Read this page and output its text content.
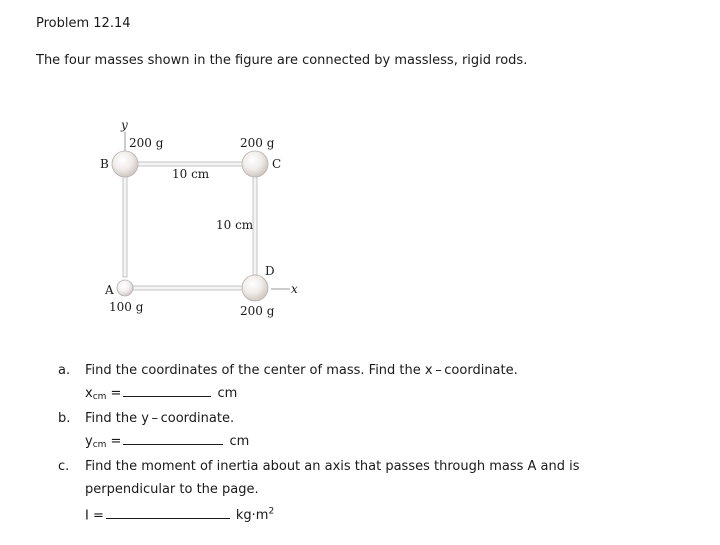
Problem 12.14
The four masses shown in the figure are connected by massless, rigid rods.
y
x
B
200 g
C
200 g
D
200 g
A
100 g
10 cm
10 cm
a. Find the coordinates of the center of mass. Find the x – coordinate.
$x_{cm}$ =	cm
b. Find the y – coordinate.
$y_{cm}$ =	cm
c. Find the moment of inertia about an axis that passes through mass A and is
perpendicular to the page.
I =	$kg\cdot m^2$
